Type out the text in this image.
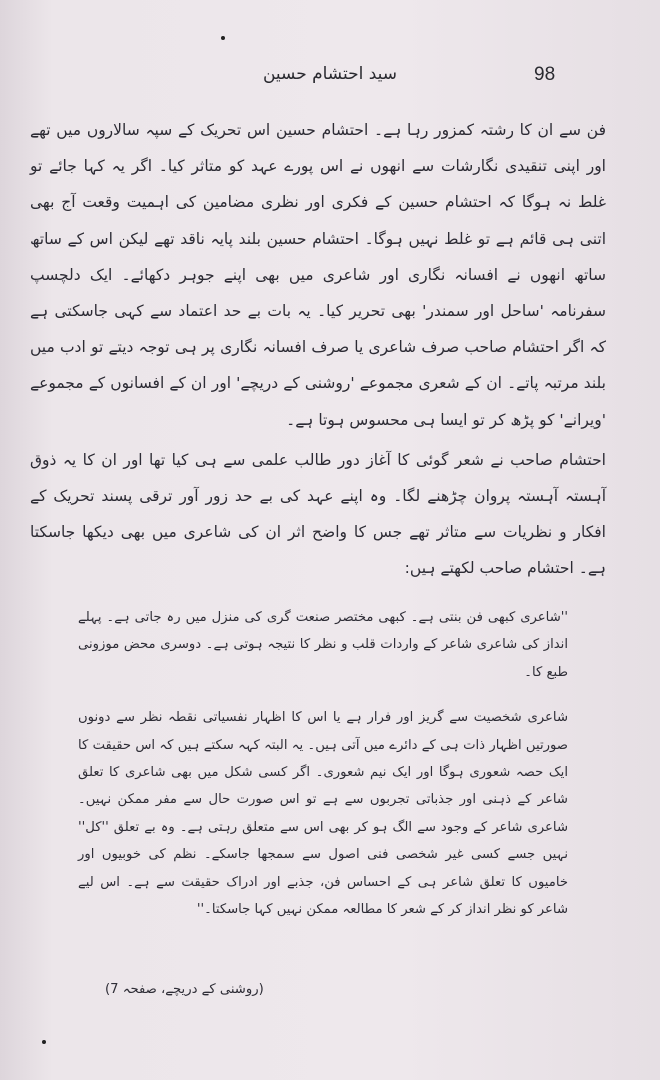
98
سید احتشام حسین

فن سے ان کا رشتہ کمزور رہا ہے۔ احتشام حسین اس تحریک کے سپہ سالاروں میں تھے اور اپنی تنقیدی نگارشات سے انھوں نے اس پورے عہد کو متاثر کیا۔ اگر یہ کہا جائے تو غلط نہ ہوگا کہ احتشام حسین کے فکری اور نظری مضامین کی اہمیت وقعت آج بھی اتنی ہی قائم ہے تو غلط نہیں ہوگا۔ احتشام حسین بلند پایہ ناقد تھے لیکن اس کے ساتھ ساتھ انھوں نے افسانہ نگاری اور شاعری میں بھی اپنے جوہر دکھائے۔ ایک دلچسپ سفرنامہ 'ساحل اور سمندر' بھی تحریر کیا۔ یہ بات بے حد اعتماد سے کہی جاسکتی ہے کہ اگر احتشام صاحب صرف شاعری یا صرف افسانہ نگاری پر ہی توجہ دیتے تو ادب میں بلند مرتبہ پاتے۔ ان کے شعری مجموعے 'روشنی کے دریچے' اور ان کے افسانوں کے مجموعے 'ویرانے' کو پڑھ کر تو ایسا ہی محسوس ہوتا ہے۔

احتشام صاحب نے شعر گوئی کا آغاز دور طالب علمی سے ہی کیا تھا اور ان کا یہ ذوق آہستہ آہستہ پروان چڑھنے لگا۔ وہ اپنے عہد کی بے حد زور آور ترقی پسند تحریک کے افکار و نظریات سے متاثر تھے جس کا واضح اثر ان کی شاعری میں بھی دیکھا جاسکتا ہے۔ احتشام صاحب لکھتے ہیں:

''شاعری کبھی فن بنتی ہے۔ کبھی مختصر صنعت گری کی منزل میں رہ جاتی ہے۔ پہلے انداز کی شاعری شاعر کے واردات قلب و نظر کا نتیجہ ہوتی ہے۔ دوسری محض موزونی طبع کا۔

شاعری شخصیت سے گریز اور فرار ہے یا اس کا اظہار نفسیاتی نقطہ نظر سے دونوں صورتیں اظہار ذات ہی کے دائرے میں آتی ہیں۔ یہ البتہ کہہ سکتے ہیں کہ اس حقیقت کا ایک حصہ شعوری ہوگا اور ایک نیم شعوری۔ اگر کسی شکل میں بھی شاعری کا تعلق شاعر کے ذہنی اور جذباتی تجربوں سے ہے تو اس صورت حال سے مفر ممکن نہیں۔ شاعری شاعر کے وجود سے الگ ہو کر بھی اس سے متعلق رہتی ہے۔ وہ بے تعلق ''کل'' نہیں جسے کسی غیر شخصی فنی اصول سے سمجھا جاسکے۔ نظم کی خوبیوں اور خامیوں کا تعلق شاعر ہی کے احساس فن، جذبے اور ادراک حقیقت سے ہے۔ اس لیے شاعر کو نظر انداز کر کے شعر کا مطالعہ ممکن نہیں کہا جاسکتا۔''

(روشنی کے دریچے، صفحہ 7)
